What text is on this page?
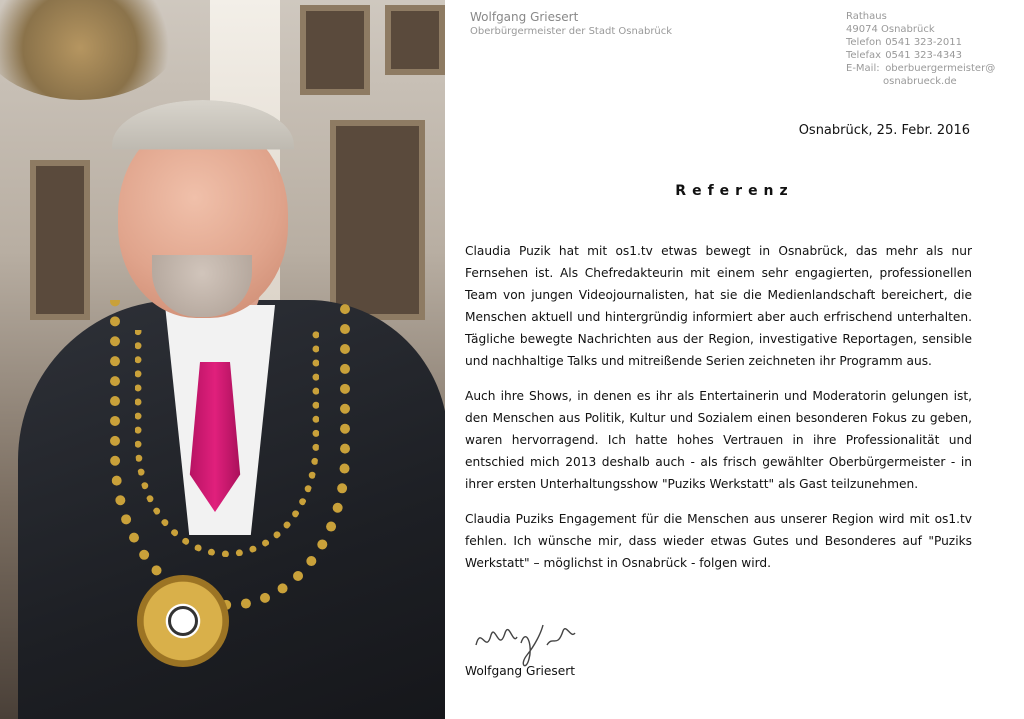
Wolfgang Griesert
Oberbürgermeister der Stadt Osnabrück
Rathaus
49074 Osnabrück
Telefon 0541 323-2011
Telefax 0541 323-4343
E-Mail: oberbuergermeister@
osnabrueck.de
Osnabrück, 25. Febr. 2016
Referenz

Claudia Puzik hat mit os1.tv etwas bewegt in Osnabrück, das mehr als nur Fernsehen ist. Als Chefredakteurin mit einem sehr engagierten, professionellen Team von jungen Videojournalisten, hat sie die Medienlandschaft bereichert, die Menschen aktuell und hintergründig informiert aber auch erfrischend unterhalten. Tägliche bewegte Nachrichten aus der Region, investigative Reportagen, sensible und nachhaltige Talks und mitreißende Serien zeichneten ihr Programm aus.

Auch ihre Shows, in denen es ihr als Entertainerin und Moderatorin gelungen ist, den Menschen aus Politik, Kultur und Sozialem einen besonderen Fokus zu geben, waren hervorragend. Ich hatte hohes Vertrauen in ihre Professionalität und entschied mich 2013 deshalb auch - als frisch gewählter Oberbürgermeister - in ihrer ersten Unterhaltungsshow "Puziks Werkstatt" als Gast teilzunehmen.

Claudia Puziks Engagement für die Menschen aus unserer Region wird mit os1.tv fehlen. Ich wünsche mir, dass wieder etwas Gutes und Besonderes auf "Puziks Werkstatt" – möglichst in Osnabrück - folgen wird.

Wolfgang Griesert
